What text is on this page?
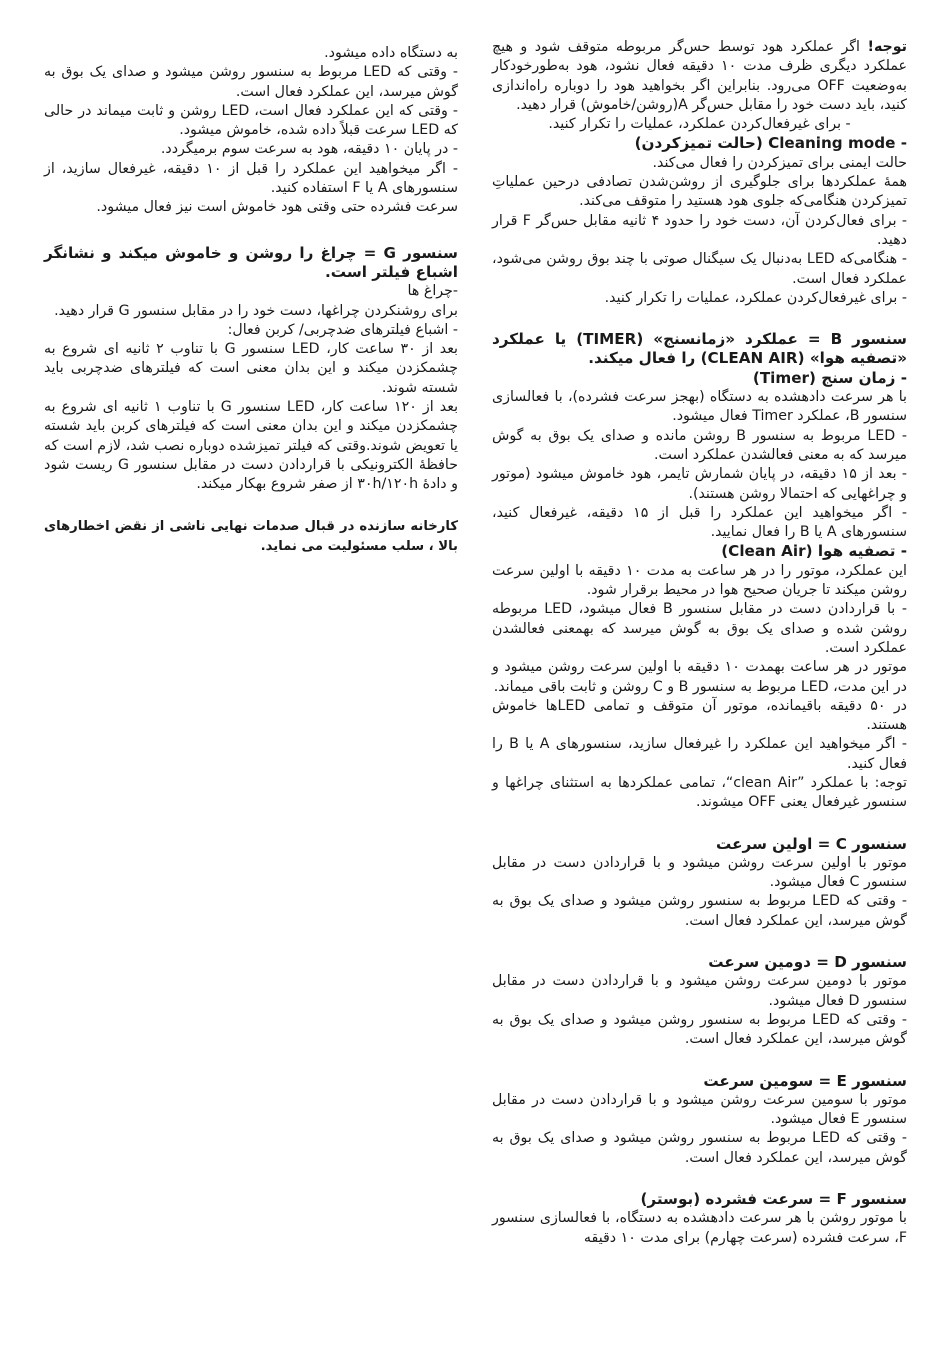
توجه! اگر عملکرد هود توسط حس‌گر مربوطه متوقف شود و هیچ عملکرد دیگری ظرف مدت ۱۰ دقیقه فعال نشود، هود به‌طورخودکار به‌وضعیت OFF می‌رود. بنابراین اگر بخواهید هود را دوباره راه‌اندازی کنید، باید دست خود را مقابل حس‌گر A(روشن/خاموش) قرار دهید.

- برای غیرفعال‌کردن عملکرد، عملیات را تکرار کنید.

- Cleaning mode (حالت تمیزکردن)

حالت ایمنی برای تمیزکردن را فعال می‌کند.

همهٔ عملکردها برای جلوگیری از روشن‌شدن تصادفی درحین عملیاتِ تمیزکردن هنگامی‌که جلوی هود هستید را متوقف می‌کند.

- برای فعال‌کردن آن، دست خود را حدود ۴ ثانیه مقابل حس‌گر F قرار دهید.

- هنگامی‌که LED به‌دنبال یک سیگنال صوتی با چند بوق روشن می‌شود، عملکرد فعال است.

- برای غیرفعال‌کردن عملکرد، عملیات را تکرار کنید.

سنسور B = عملکرد «زمانسنج» (TIMER) یا عملکرد «تصفیه هوا» (CLEAN AIR) را فعال میکند.

- زمان سنج (Timer)

با هر سرعت دادهشده به دستگاه (بهجز سرعت فشرده)، با فعالسازی سنسور B، عملکرد Timer فعال میشود.

- LED مربوط به سنسور B روشن مانده و صدای یک بوق به گوش میرسد که به معنی فعالشدن عملکرد است.

- بعد از ۱۵ دقیقه، در پایان شمارش تایمر، هود خاموش میشود (موتور و چراغهایی که احتمالا روشن هستند).

- اگر میخواهید این عملکرد را قبل از ۱۵ دقیقه، غیرفعال کنید، سنسورهای A یا B را فعال نمایید.

- تصفیه هوا (Clean Air)

این عملکرد، موتور را در هر ساعت به مدت ۱۰ دقیقه با اولین سرعت روشن میکند تا جریان صحیح هوا در محیط برقرار شود.

- با قراردادن دست در مقابل سنسور B فعال میشود، LED مربوطه روشن شده و صدای یک بوق به گوش میرسد که بهمعنی فعالشدن عملکرد است.

موتور در هر ساعت بهمدت ۱۰ دقیقه با اولین سرعت روشن میشود و در این مدت، LED مربوط به سنسور B و C روشن و ثابت باقی میماند.

در ۵۰ دقیقه باقیمانده، موتور آن متوقف و تمامی LEDها خاموش هستند.

- اگر میخواهید این عملکرد را غیرفعال سازید، سنسورهای A یا B را فعال کنید.

توجه: با عملکرد ”clean Air“، تمامی عملکردها به استثنای چراغها و سنسور غیرفعال یعنی OFF میشوند.

سنسور C = اولین سرعت

موتور با اولین سرعت روشن میشود و با قراردادن دست در مقابل سنسور C فعال میشود.

- وقتی که LED مربوط به سنسور روشن میشود و صدای یک بوق به گوش میرسد، این عملکرد فعال است.

سنسور D = دومین سرعت

موتور با دومین سرعت روشن میشود و با قراردادن دست در مقابل سنسور D فعال میشود.

- وقتی که LED مربوط به سنسور روشن میشود و صدای یک بوق به گوش میرسد، این عملکرد فعال است.

سنسور E = سومین سرعت

موتور با سومین سرعت روشن میشود و با قراردادن دست در مقابل سنسور E فعال میشود.

- وقتی که LED مربوط به سنسور روشن میشود و صدای یک بوق به گوش میرسد، این عملکرد فعال است.

سنسور F = سرعت فشرده (بوستر)

با موتور روشن با هر سرعت دادهشده به دستگاه، با فعالسازی سنسور F، سرعت فشرده (سرعت چهارم) برای مدت ۱۰ دقیقه

به دستگاه داده میشود.

- وقتی که LED مربوط به سنسور روشن میشود و صدای یک بوق به گوش میرسد، این عملکرد فعال است.

- وقتی که این عملکرد فعال است، LED روشن و ثابت میماند در حالی که LED سرعت قبلاً داده شده، خاموش میشود.

- در پایان ۱۰ دقیقه، هود به سرعت سوم برمیگردد.

- اگر میخواهید این عملکرد را قبل از ۱۰ دقیقه، غیرفعال سازید، از سنسورهای A یا F استفاده کنید.

سرعت فشرده حتی وقتی هود خاموش است نیز فعال میشود.

سنسور G = چراغ را روشن و خاموش میکند و نشانگر اشباع فیلتر است.

-چراغ ها

برای روشنکردن چراغها، دست خود را در مقابل سنسور G قرار دهید.

- اشباع فیلترهای ضدچربی/ کربن فعال:

بعد از ۳۰ ساعت کار، LED سنسور G با تناوب ۲ ثانیه ای شروع به چشمکزدن میکند و این بدان معنی است که فیلترهای ضدچربی باید شسته شوند.

بعد از ۱۲۰ ساعت کار، LED سنسور G با تناوب ۱ ثانیه ای شروع به چشمکزدن میکند و این بدان معنی است که فیلترهای کربن باید شسته یا تعویض شوند.وقتی که فیلتر تمیزشده دوباره نصب شد، لازم است که حافظهٔ الکترونیکی با قراردادن دست در مقابل سنسور G ریست شود و دادهٔ ۳۰h/۱۲۰h از صفر شروع بهکار میکند.

کارخانه سازنده در قبال صدمات نهایی ناشی از نقض اخطارهای بالا ، سلب مسئولیت می نماید.
